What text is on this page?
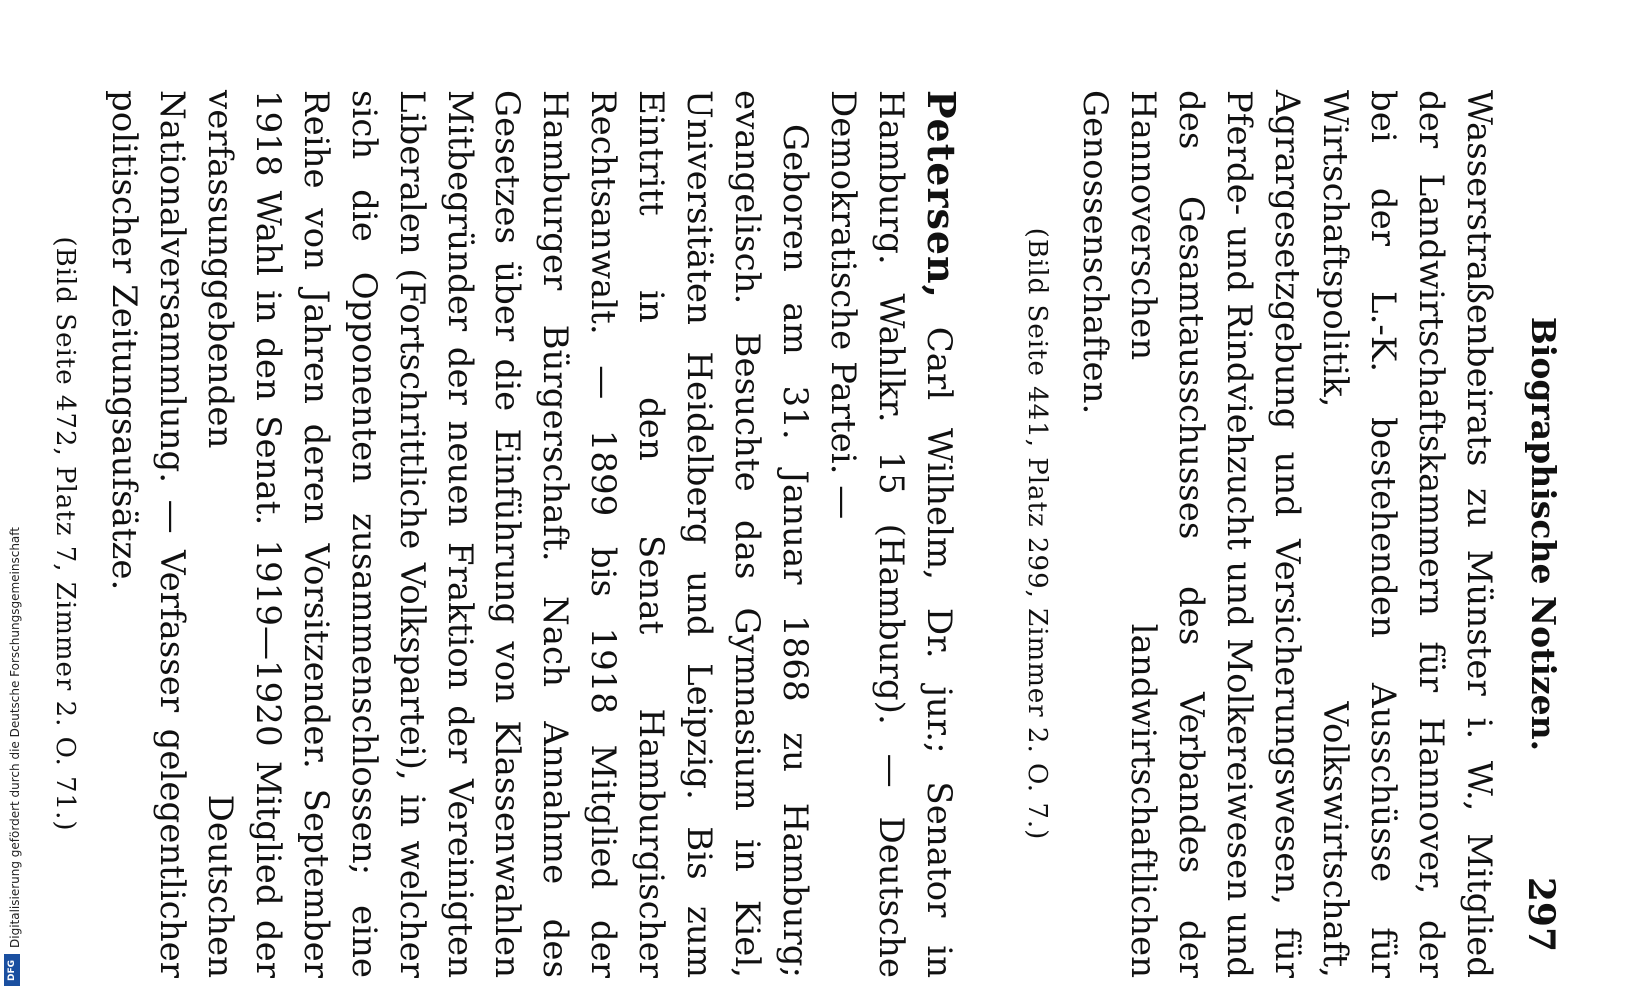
Biographische Notizen.
297

Wasserstraßenbeirats zu Münster i. W., Mitglied der Landwirtschaftskammern für Hannover, der bei der L.-K. bestehenden Ausschüsse für Wirtschaftspolitik, Volkswirtschaft, Agrargesetzgebung und Versicherungswesen, für Pferde- und Rindviehzucht und Molkereiwesen und des Gesamtausschusses des Verbandes der Hannoverschen landwirtschaftlichen Genossenschaften.

(Bild Seite 441, Platz 299, Zimmer 2. O. 7.)

Petersen, Carl Wilhelm, Dr. jur.; Senator in Hamburg. Wahlkr. 15 (Hamburg). — Deutsche Demokratische Partei. —

Geboren am 31. Januar 1868 zu Hamburg; evangelisch. Besuchte das Gymnasium in Kiel, Universitäten Heidelberg und Leipzig. Bis zum Eintritt in den Senat Hamburgischer Rechtsanwalt. — 1899 bis 1918 Mitglied der Hamburger Bürgerschaft. Nach Annahme des Gesetzes über die Einführung von Klassenwahlen Mitbegründer der neuen Fraktion der Vereinigten Liberalen (Fortschrittliche Volkspartei), in welcher sich die Opponenten zusammenschlossen; eine Reihe von Jahren deren Vorsitzender. September 1918 Wahl in den Senat. 1919—1920 Mitglied der verfassunggebenden Deutschen Nationalversammlung. — Verfasser gelegentlicher politischer Zeitungsaufsätze.

(Bild Seite 472, Platz 7, Zimmer 2. O. 71.)

Digitalisierung gefördert durch die Deutsche Forschungsgemeinschaft
DFG
